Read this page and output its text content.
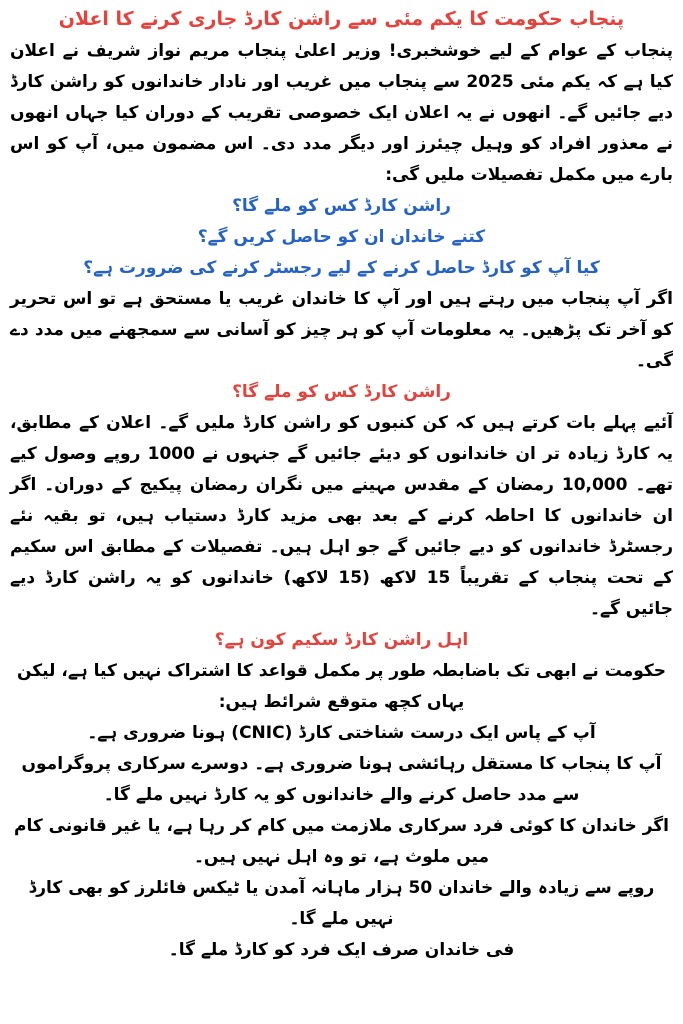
پنجاب حکومت کا یکم مئی سے راشن کارڈ جاری کرنے کا اعلان

پنجاب کے عوام کے لیے خوشخبری! وزیر اعلیٰ پنجاب مریم نواز شریف نے اعلان کیا ہے کہ یکم مئی 2025 سے پنجاب میں غریب اور نادار خاندانوں کو راشن کارڈ دیے جائیں گے۔ انھوں نے یہ اعلان ایک خصوصی تقریب کے دوران کیا جہاں انھوں نے معذور افراد کو وہیل چیئرز اور دیگر مدد دی۔ اس مضمون میں، آپ کو اس بارے میں مکمل تفصیلات ملیں گی:

راشن کارڈ کس کو ملے گا؟

کتنے خاندان ان کو حاصل کریں گے؟

کیا آپ کو کارڈ حاصل کرنے کے لیے رجسٹر کرنے کی ضرورت ہے؟

اگر آپ پنجاب میں رہتے ہیں اور آپ کا خاندان غریب یا مستحق ہے تو اس تحریر کو آخر تک پڑھیں۔ یہ معلومات آپ کو ہر چیز کو آسانی سے سمجھنے میں مدد دے گی۔

راشن کارڈ کس کو ملے گا؟

آئیے پہلے بات کرتے ہیں کہ کن کنبوں کو راشن کارڈ ملیں گے۔ اعلان کے مطابق، یہ کارڈ زیادہ تر ان خاندانوں کو دیئے جائیں گے جنہوں نے 1000 روپے وصول کیے تھے۔ 10,000 رمضان کے مقدس مہینے میں نگران رمضان پیکیج کے دوران۔ اگر ان خاندانوں کا احاطہ کرنے کے بعد بھی مزید کارڈ دستیاب ہیں، تو بقیہ نئے رجسٹرڈ خاندانوں کو دیے جائیں گے جو اہل ہیں۔ تفصیلات کے مطابق اس سکیم کے تحت پنجاب کے تقریباً 15 لاکھ (15 لاکھ) خاندانوں کو یہ راشن کارڈ دیے جائیں گے۔

اہل راشن کارڈ سکیم کون ہے؟

حکومت نے ابھی تک باضابطہ طور پر مکمل قواعد کا اشتراک نہیں کیا ہے، لیکن یہاں کچھ متوقع شرائط ہیں:

آپ کے پاس ایک درست شناختی کارڈ (CNIC) ہونا ضروری ہے۔

آپ کا پنجاب کا مستقل رہائشی ہونا ضروری ہے۔ دوسرے سرکاری پروگراموں سے مدد حاصل کرنے والے خاندانوں کو یہ کارڈ نہیں ملے گا۔

اگر خاندان کا کوئی فرد سرکاری ملازمت میں کام کر رہا ہے، یا غیر قانونی کام میں ملوث ہے، تو وہ اہل نہیں ہیں۔

روپے سے زیادہ والے خاندان 50 ہزار ماہانہ آمدن یا ٹیکس فائلرز کو بھی کارڈ نہیں ملے گا۔

فی خاندان صرف ایک فرد کو کارڈ ملے گا۔
